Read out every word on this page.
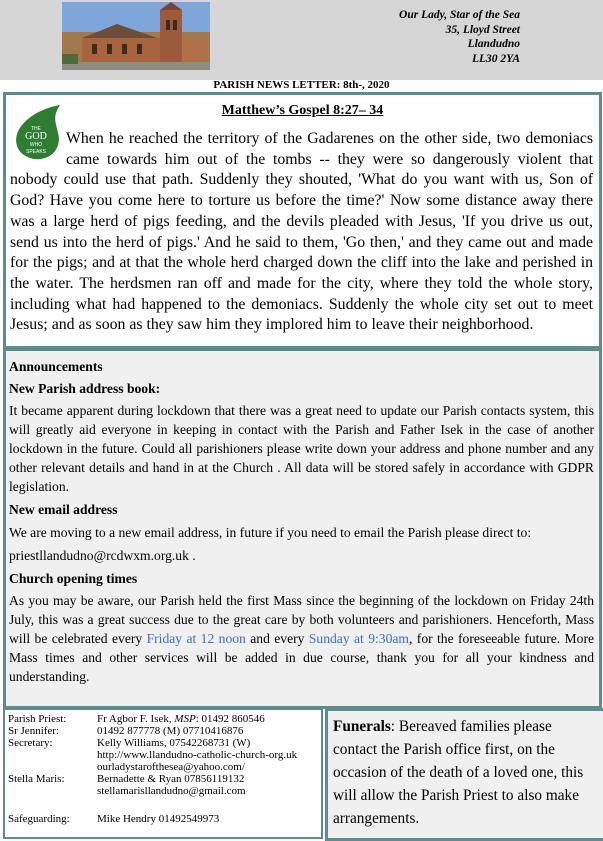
Our Lady, Star of the Sea
35, Lloyd Street
Llandudno
LL30 2YA
PARISH NEWS LETTER: 8th-, 2020
Matthew’s Gospel 8:27– 34
THE
GOD
WHO
SPEAKS
When he reached the territory of the Gadarenes on the other side, two demoniacs came towards him out of the tombs -- they were so dangerously violent that nobody could use that path. Suddenly they shouted, 'What do you want with us, Son of God? Have you come here to torture us before the time?' Now some distance away there was a large herd of pigs feeding, and the devils pleaded with Jesus, 'If you drive us out, send us into the herd of pigs.' And he said to them, 'Go then,' and they came out and made for the pigs; and at that the whole herd charged down the cliff into the lake and perished in the water. The herdsmen ran off and made for the city, where they told the whole story, including what had happened to the demoniacs. Suddenly the whole city set out to meet Jesus; and as soon as they saw him they implored him to leave their neighborhood.

Announcements

New Parish address book:

It became apparent during lockdown that there was a great need to update our Parish contacts system, this will greatly aid everyone in keeping in contact with the Parish and Father Isek in the case of another lockdown in the future. Could all parishioners please write down your address and phone number and any other relevant details and hand in at the Church . All data will be stored safely in accordance with GDPR legislation.

New email address

We are moving to a new email address, in future if you need to email the Parish please direct to:

priestllandudno@rcdwxm.org.uk .

Church opening times

As you may be aware, our Parish held the first Mass since the beginning of the lockdown on Friday 24th July, this was a great success due to the great care by both volunteers and parishioners. Henceforth, Mass will be celebrated every Friday at 12 noon and every Sunday at 9:30am, for the foreseeable future. More Mass times and other services will be added in due course, thank you for all your kindness and understanding.

Parish Priest:	Fr Agbor F. Isek, MSP: 01492 860546
Sr Jennifer:	01492 877778 (M) 07710416876
Secretary:	Kelly Williams, 07542268731 (W)
http://www.llandudno-catholic-church-org.uk
ourladystarofthesea@yahoo.com/
Stella Maris:	Bernadette & Ryan 07856119132
stellamarisllandudno@gmail.com
Safeguarding: Mike Hendry 01492549973
Funerals: Bereaved families please contact the Parish office first, on the occasion of the death of a loved one, this will allow the Parish Priest to also make arrangements.
